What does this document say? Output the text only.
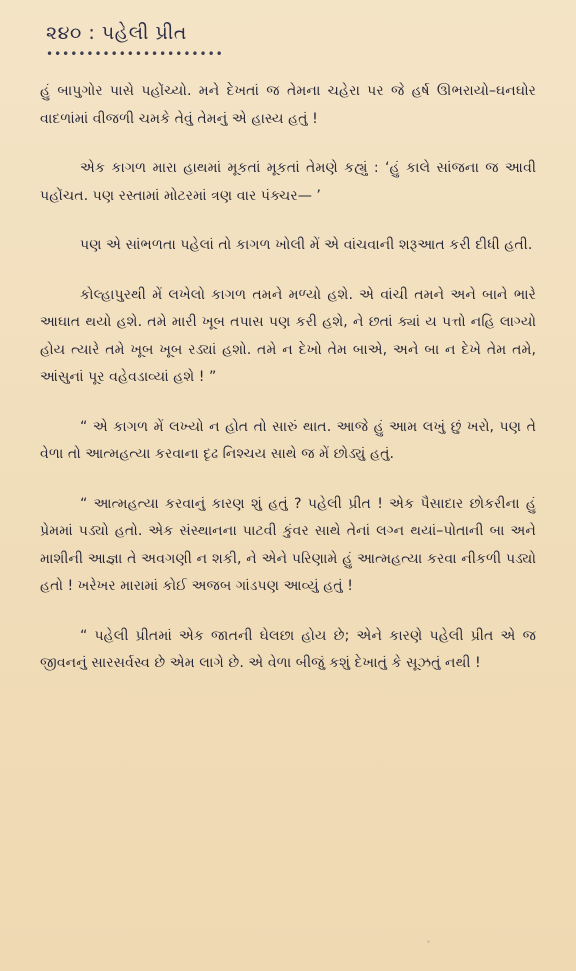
૨૪૦ : પહેલી પ્રીત
••••••••••••••••••••••

હું બાપુગોર પાસે પહોંચ્યો. મને દેખતાં જ તેમના ચહેરા પર જે હર્ષ ઊભરાયો–ઘનઘોર વાદળાંમાં વીજળી ચમકે તેવું તેમનું એ હાસ્ય હતું !

એક કાગળ મારા હાથમાં મૂકતાં મૂકતાં તેમણે કહ્યું : ‘હું કાલે સાંજના જ આવી પહોંચત. પણ રસ્તામાં મોટરમાં ત્રણ વાર પંક્ચર— ’

પણ એ સાંભળતા પહેલાં તો કાગળ ખોલી મેં એ વાંચવાની શરૂઆત કરી દીધી હતી.

કોલ્હાપુરથી મેં લખેલો કાગળ તમને મળ્યો હશે. એ વાંચી તમને અને બાને ભારે આઘાત થયો હશે. તમે મારી ખૂબ તપાસ પણ કરી હશે, ને છતાં ક્યાં ય પત્તો નહિ લાગ્યો હોય ત્યારે તમે ખૂબ ખૂબ રડ્યાં હશો. તમે ન દેખો તેમ બાએ, અને બા ન દેખે તેમ તમે, આંસુનાં પૂર વહેવડાવ્યાં હશે ! ”

“ એ કાગળ મેં લખ્યો ન હોત તો સારું થાત. આજે હું આમ લખું છું ખરો, પણ તે વેળા તો આત્મહત્યા કરવાના દૃઢ નિશ્ચય સાથે જ મેં છોડ્યું હતું.

“ આત્મહત્યા કરવાનું કારણ શું હતું ? પહેલી પ્રીત ! એક પૈસાદાર છોકરીના હું પ્રેમમાં પડ્યો હતો. એક સંસ્થાનના પાટવી કુંવર સાથે તેનાં લગ્ન થયાં–પોતાની બા અને માશીની આજ્ઞા તે અવગણી ન શકી, ને એને પરિણામે હું આત્મહત્યા કરવા નીકળી પડ્યો હતો ! ખરેખર મારામાં કોઈ અજબ ગાંડપણ આવ્યું હતું !

“ પહેલી પ્રીતમાં એક જાતની ઘેલછા હોય છે; એને કારણે પહેલી પ્રીત એ જ જીવનનું સારસર્વસ્વ છે એમ લાગે છે. એ વેળા બીજું કશું દેખાતું કે સૂઝતું નથી !
